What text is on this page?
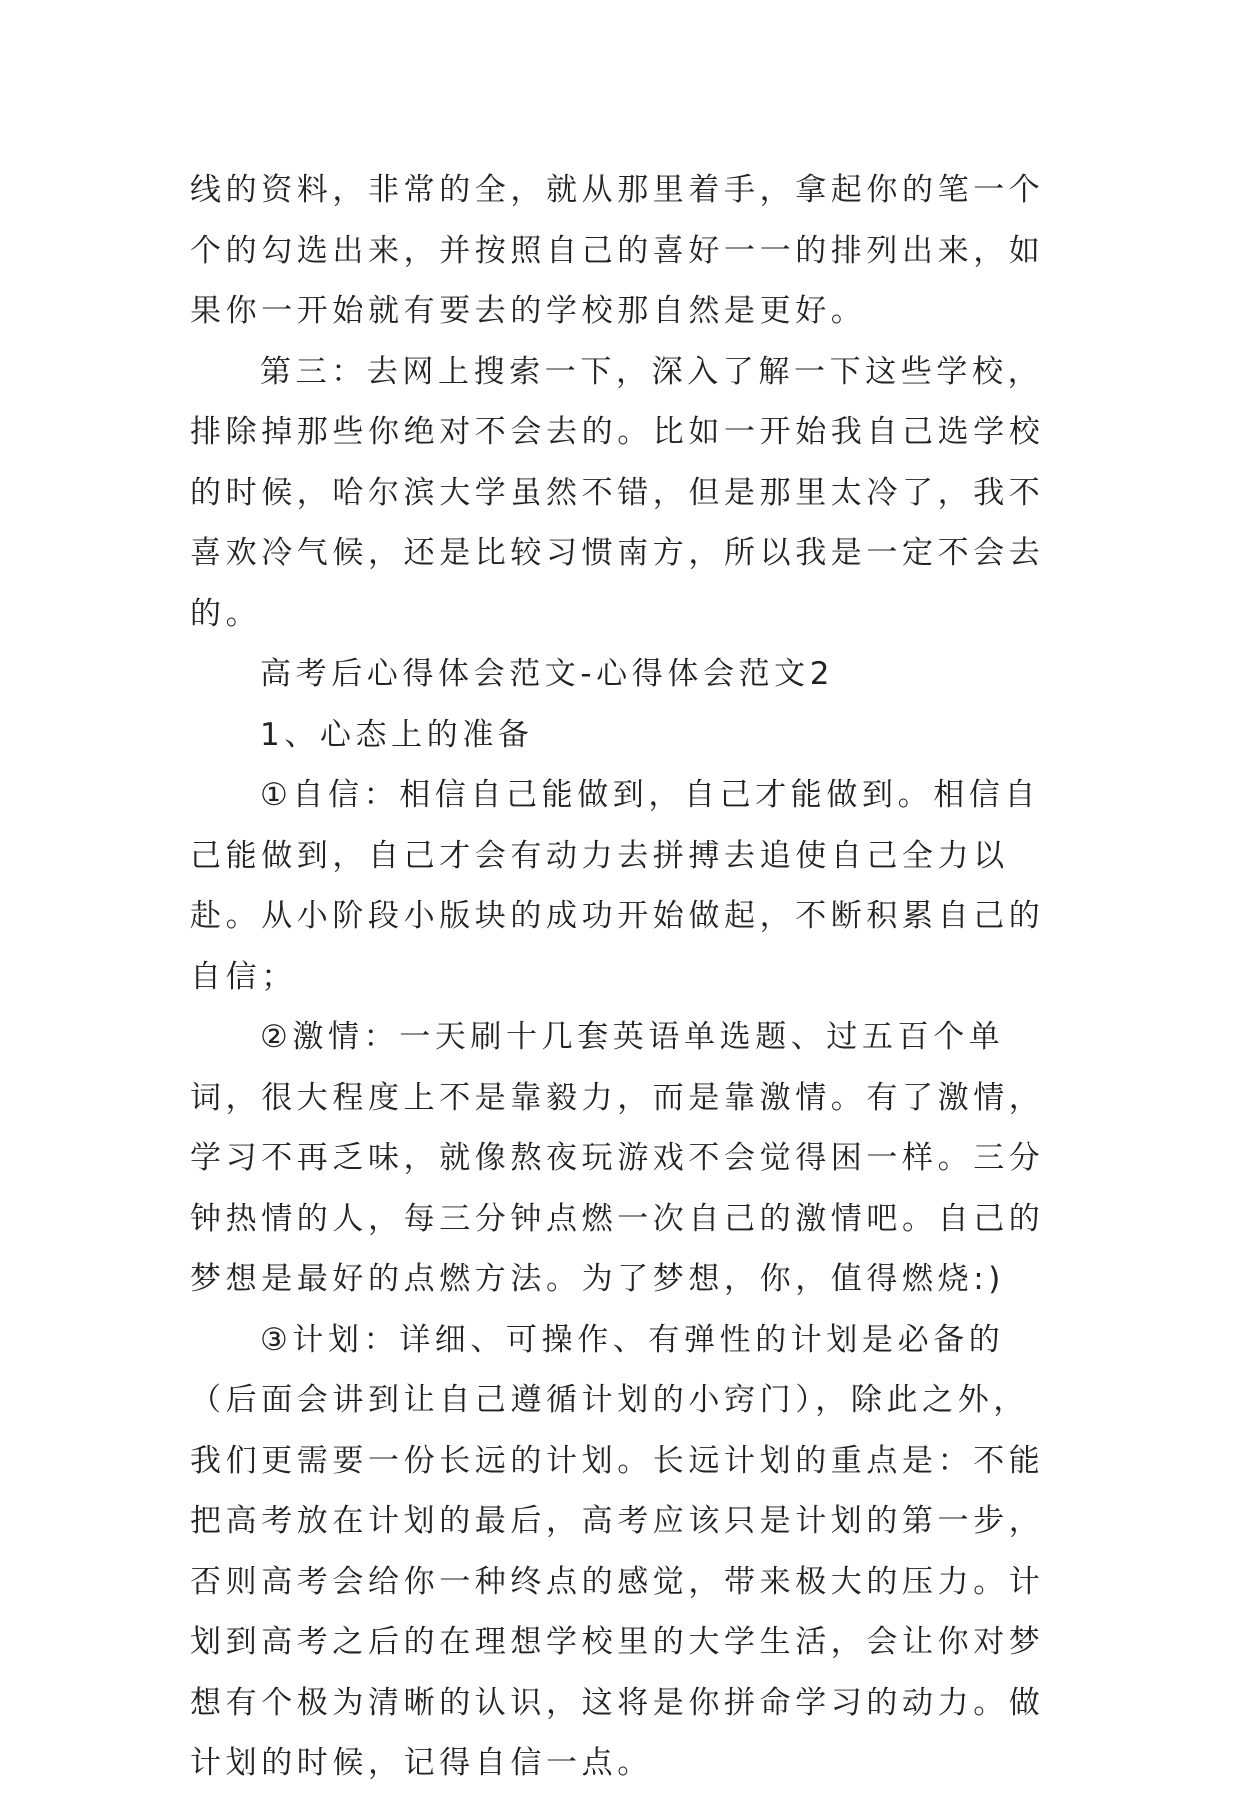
线的资料，非常的全，就从那里着手，拿起你的笔一个个的勾选出来，并按照自己的喜好一一的排列出来，如果你一开始就有要去的学校那自然是更好。

第三：去网上搜索一下，深入了解一下这些学校，排除掉那些你绝对不会去的。比如一开始我自己选学校的时候，哈尔滨大学虽然不错，但是那里太冷了，我不喜欢冷气候，还是比较习惯南方，所以我是一定不会去的。

高考后心得体会范文-心得体会范文2

1、心态上的准备

①自信：相信自己能做到，自己才能做到。相信自己能做到，自己才会有动力去拼搏去追使自己全力以赴。从小阶段小版块的成功开始做起，不断积累自己的自信；

②激情：一天刷十几套英语单选题、过五百个单词，很大程度上不是靠毅力，而是靠激情。有了激情，学习不再乏味，就像熬夜玩游戏不会觉得困一样。三分钟热情的人，每三分钟点燃一次自己的激情吧。自己的梦想是最好的点燃方法。为了梦想，你，值得燃烧:)

③计划：详细、可操作、有弹性的计划是必备的（后面会讲到让自己遵循计划的小窍门），除此之外，我们更需要一份长远的计划。长远计划的重点是：不能把高考放在计划的最后，高考应该只是计划的第一步，否则高考会给你一种终点的感觉，带来极大的压力。计划到高考之后的在理想学校里的大学生活，会让你对梦想有个极为清晰的认识，这将是你拼命学习的动力。做计划的时候，记得自信一点。
